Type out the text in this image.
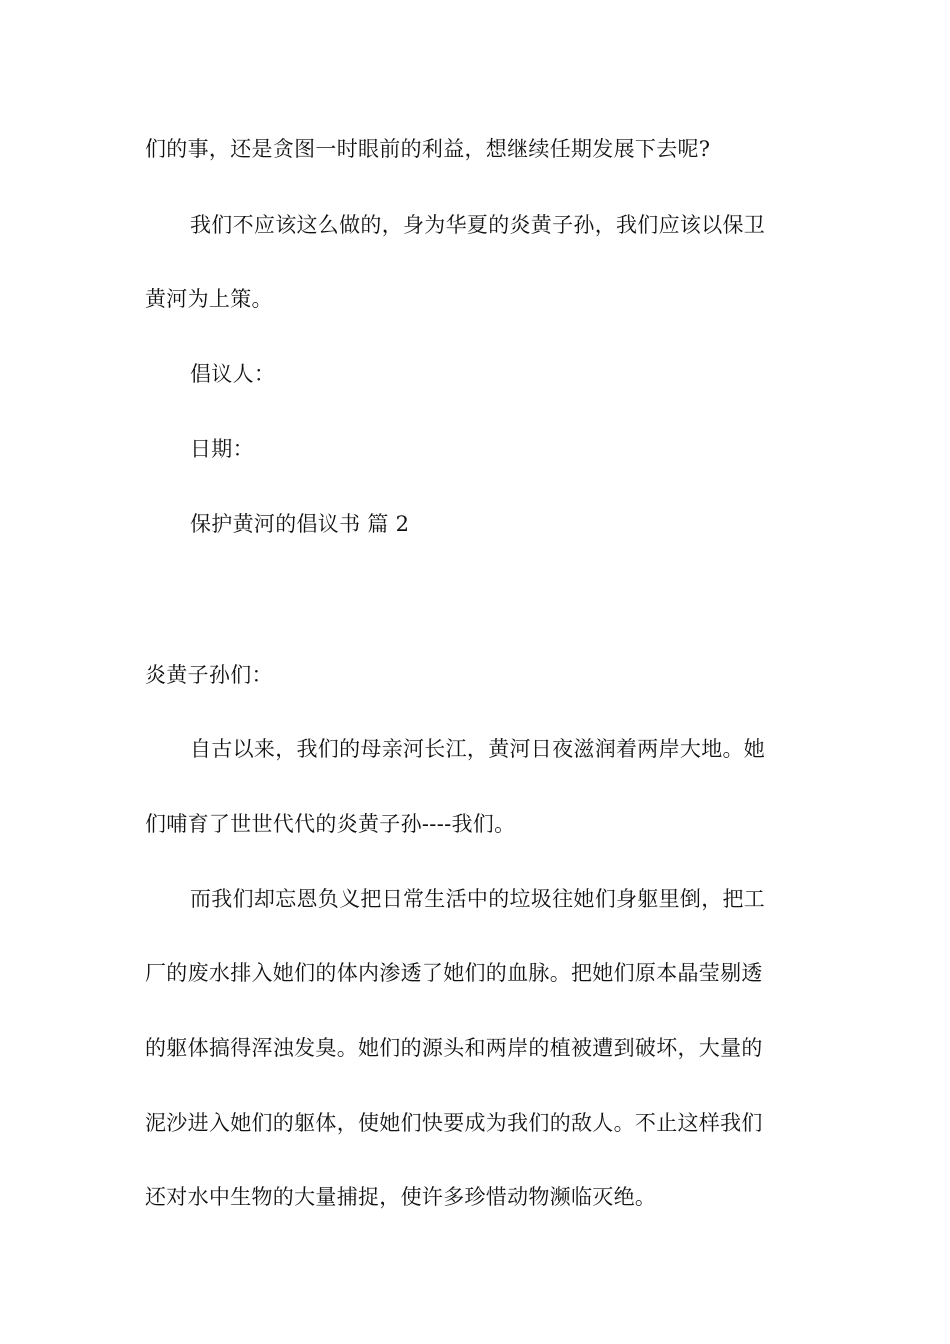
们的事，还是贪图一时眼前的利益，想继续任期发展下去呢?
我们不应该这么做的，身为华夏的炎黄子孙，我们应该以保卫
黄河为上策。
倡议人：
日期：
保护黄河的倡议书 篇 2
炎黄子孙们：
自古以来，我们的母亲河长江，黄河日夜滋润着两岸大地。她
们哺育了世世代代的炎黄子孙----我们。
而我们却忘恩负义把日常生活中的垃圾往她们身躯里倒，把工
厂的废水排入她们的体内渗透了她们的血脉。把她们原本晶莹剔透
的躯体搞得浑浊发臭。她们的源头和两岸的植被遭到破坏，大量的
泥沙进入她们的躯体，使她们快要成为我们的敌人。不止这样我们
还对水中生物的大量捕捉，使许多珍惜动物濒临灭绝。
